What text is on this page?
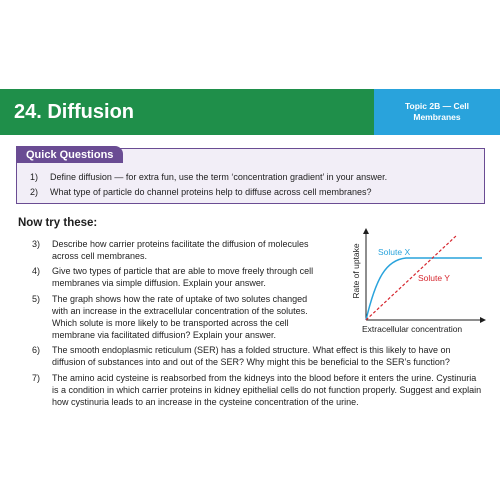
24. Diffusion	Topic 2B — Cell Membranes
Quick Questions
1)	Define diffusion — for extra fun, use the term ‘concentration gradient’ in your answer.
2)	What type of particle do channel proteins help to diffuse across cell membranes?
Now try these:
3)	Describe how carrier proteins facilitate the diffusion of molecules across cell membranes.
4)	Give two types of particle that are able to move freely through cell membranes via simple diffusion. Explain your answer.
5)	The graph shows how the rate of uptake of two solutes changed with an increase in the extracellular concentration of the solutes. Which solute is more likely to be transported across the cell membrane via facilitated diffusion? Explain your answer.
6)	The smooth endoplasmic reticulum (SER) has a folded structure. What effect is this likely to have on diffusion of substances into and out of the SER? Why might this be beneficial to the SER’s function?
7)	The amino acid cysteine is reabsorbed from the kidneys into the blood before it enters the urine. Cystinuria is a condition in which carrier proteins in kidney epithelial cells do not function properly. Suggest and explain how cystinuria leads to an increase in the cysteine concentration of the urine.
Rate of uptake
Extracellular concentration
Solute X
Solute Y
